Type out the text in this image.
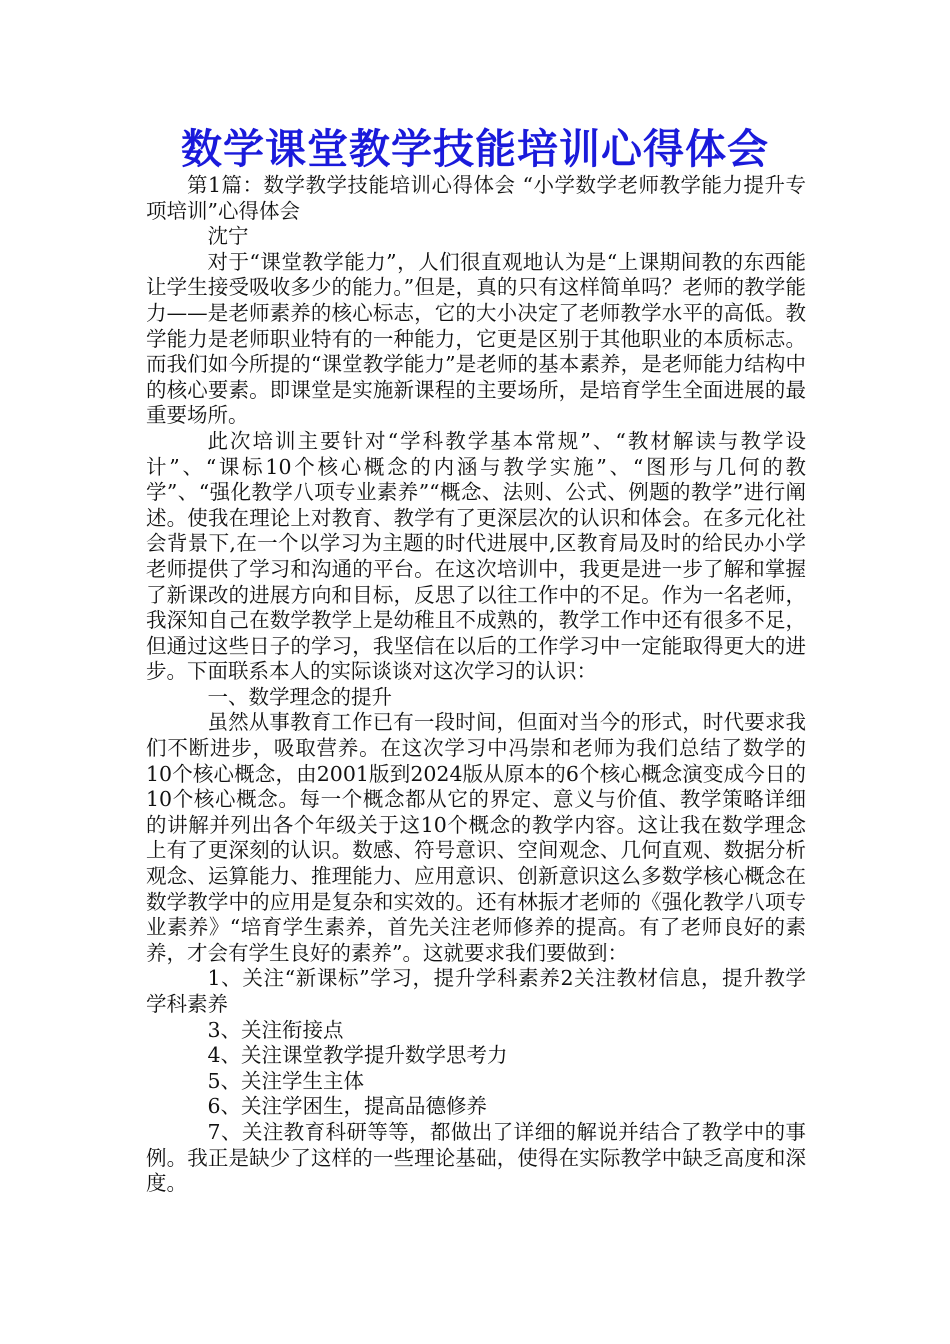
数学课堂教学技能培训心得体会

第1篇：数学教学技能培训心得体会 “小学数学老师教学能力提升专项培训”心得体会

沈宁

对于“课堂教学能力”，人们很直观地认为是“上课期间教的东西能让学生接受吸收多少的能力。”但是，真的只有这样简单吗？老师的教学能力——是老师素养的核心标志，它的大小决定了老师教学水平的高低。教学能力是老师职业特有的一种能力，它更是区别于其他职业的本质标志。而我们如今所提的“课堂教学能力”是老师的基本素养，是老师能力结构中的核心要素。即课堂是实施新课程的主要场所，是培育学生全面进展的最重要场所。

此次培训主要针对“学科教学基本常规”、“教材解读与教学设计”、“课标10个核心概念的内涵与教学实施”、“图形与几何的教学”、“强化教学八项专业素养”“概念、法则、公式、例题的教学”进行阐述。使我在理论上对教育、教学有了更深层次的认识和体会。在多元化社会背景下,在一个以学习为主题的时代进展中,区教育局及时的给民办小学老师提供了学习和沟通的平台。在这次培训中，我更是进一步了解和掌握了新课改的进展方向和目标，反思了以往工作中的不足。作为一名老师，我深知自己在数学教学上是幼稚且不成熟的，教学工作中还有很多不足，但通过这些日子的学习，我坚信在以后的工作学习中一定能取得更大的进步。下面联系本人的实际谈谈对这次学习的认识：

一、数学理念的提升

虽然从事教育工作已有一段时间，但面对当今的形式，时代要求我们不断进步，吸取营养。在这次学习中冯崇和老师为我们总结了数学的10个核心概念，由2001版到2024版从原本的6个核心概念演变成今日的10个核心概念。每一个概念都从它的界定、意义与价值、教学策略详细的讲解并列出各个年级关于这10个概念的教学内容。这让我在数学理念上有了更深刻的认识。数感、符号意识、空间观念、几何直观、数据分析观念、运算能力、推理能力、应用意识、创新意识这么多数学核心概念在数学教学中的应用是复杂和实效的。还有林振才老师的《强化教学八项专业素养》“培育学生素养，首先关注老师修养的提高。有了老师良好的素养，才会有学生良好的素养”。这就要求我们要做到：

1、关注“新课标”学习，提升学科素养2关注教材信息，提升教学学科素养

3、关注衔接点

4、关注课堂教学提升数学思考力

5、关注学生主体

6、关注学困生，提高品德修养

7、关注教育科研等等，都做出了详细的解说并结合了教学中的事例。我正是缺少了这样的一些理论基础，使得在实际教学中缺乏高度和深度。
